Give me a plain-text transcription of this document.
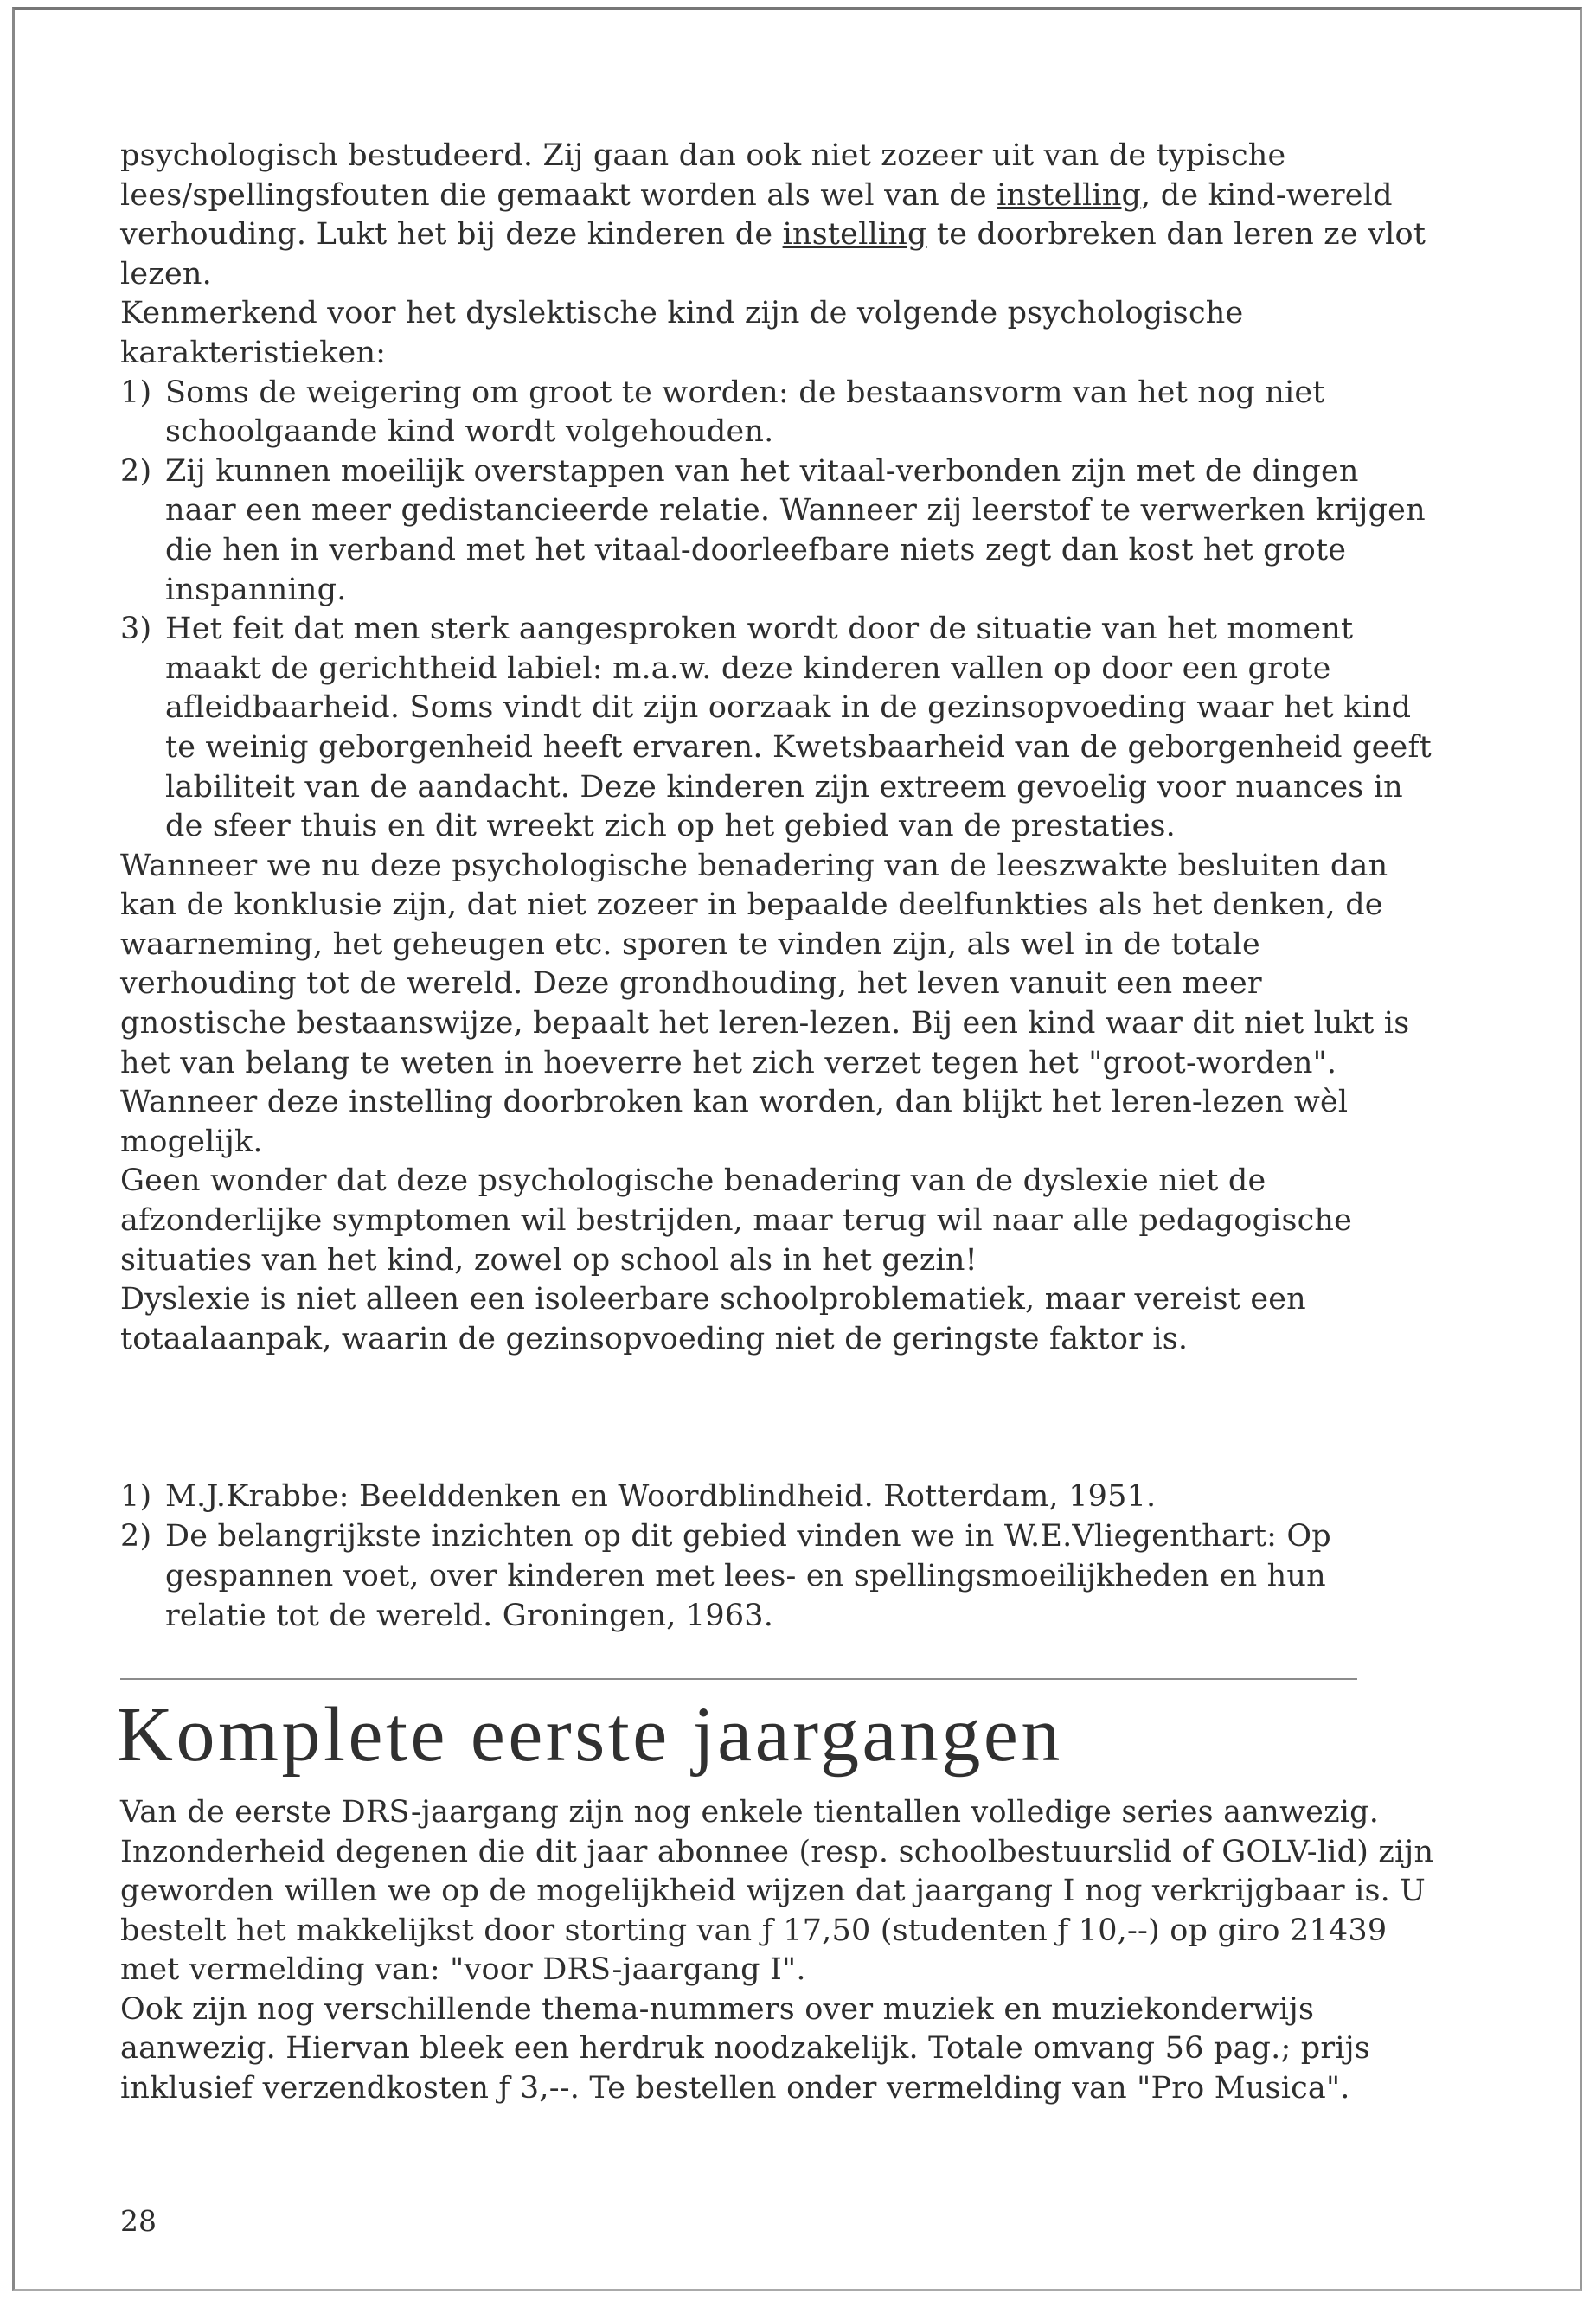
psychologisch bestudeerd. Zij gaan dan ook niet zozeer uit van de typische lees/spellingsfouten die gemaakt worden als wel van de instelling, de kind-wereld verhouding. Lukt het bij deze kinderen de instelling te doorbreken dan leren ze vlot lezen.

Kenmerkend voor het dyslektische kind zijn de volgende psychologische karakteristieken:

1) Soms de weigering om groot te worden: de bestaansvorm van het nog niet schoolgaande kind wordt volgehouden.
2) Zij kunnen moeilijk overstappen van het vitaal-verbonden zijn met de dingen naar een meer gedistancieerde relatie. Wanneer zij leerstof te verwerken krijgen die hen in verband met het vitaal-doorleefbare niets zegt dan kost het grote inspanning.
3) Het feit dat men sterk aangesproken wordt door de situatie van het moment maakt de gerichtheid labiel: m.a.w. deze kinderen vallen op door een grote afleidbaarheid. Soms vindt dit zijn oorzaak in de gezinsopvoeding waar het kind te weinig geborgenheid heeft ervaren. Kwetsbaarheid van de geborgenheid geeft labiliteit van de aandacht. Deze kinderen zijn extreem gevoelig voor nuances in de sfeer thuis en dit wreekt zich op het gebied van de prestaties.

Wanneer we nu deze psychologische benadering van de leeszwakte besluiten dan kan de konklusie zijn, dat niet zozeer in bepaalde deelfunkties als het denken, de waarneming, het geheugen etc. sporen te vinden zijn, als wel in de totale verhouding tot de wereld. Deze grondhouding, het leven vanuit een meer gnostische bestaanswijze, bepaalt het leren-lezen. Bij een kind waar dit niet lukt is het van belang te weten in hoeverre het zich verzet tegen het "groot-worden". Wanneer deze instelling doorbroken kan worden, dan blijkt het leren-lezen wèl mogelijk.

Geen wonder dat deze psychologische benadering van de dyslexie niet de afzonderlijke symptomen wil bestrijden, maar terug wil naar alle pedagogische situaties van het kind, zowel op school als in het gezin!

Dyslexie is niet alleen een isoleerbare schoolproblematiek, maar vereist een totaalaanpak, waarin de gezinsopvoeding niet de geringste faktor is.

1) M.J.Krabbe: Beelddenken en Woordblindheid. Rotterdam, 1951.
2) De belangrijkste inzichten op dit gebied vinden we in W.E.Vliegenthart: Op gespannen voet, over kinderen met lees- en spellingsmoeilijkheden en hun relatie tot de wereld. Groningen, 1963.
Komplete eerste jaargangen

Van de eerste DRS-jaargang zijn nog enkele tientallen volledige series aanwezig. Inzonderheid degenen die dit jaar abonnee (resp. schoolbestuurslid of GOLV-lid) zijn geworden willen we op de mogelijkheid wijzen dat jaargang I nog verkrijgbaar is. U bestelt het makkelijkst door storting van ƒ 17,50 (studenten ƒ 10,--) op giro 21439 met vermelding van: "voor DRS-jaargang I".

Ook zijn nog verschillende thema-nummers over muziek en muziekonderwijs aanwezig. Hiervan bleek een herdruk noodzakelijk. Totale omvang 56 pag.; prijs inklusief verzendkosten ƒ 3,--. Te bestellen onder vermelding van "Pro Musica".

28
